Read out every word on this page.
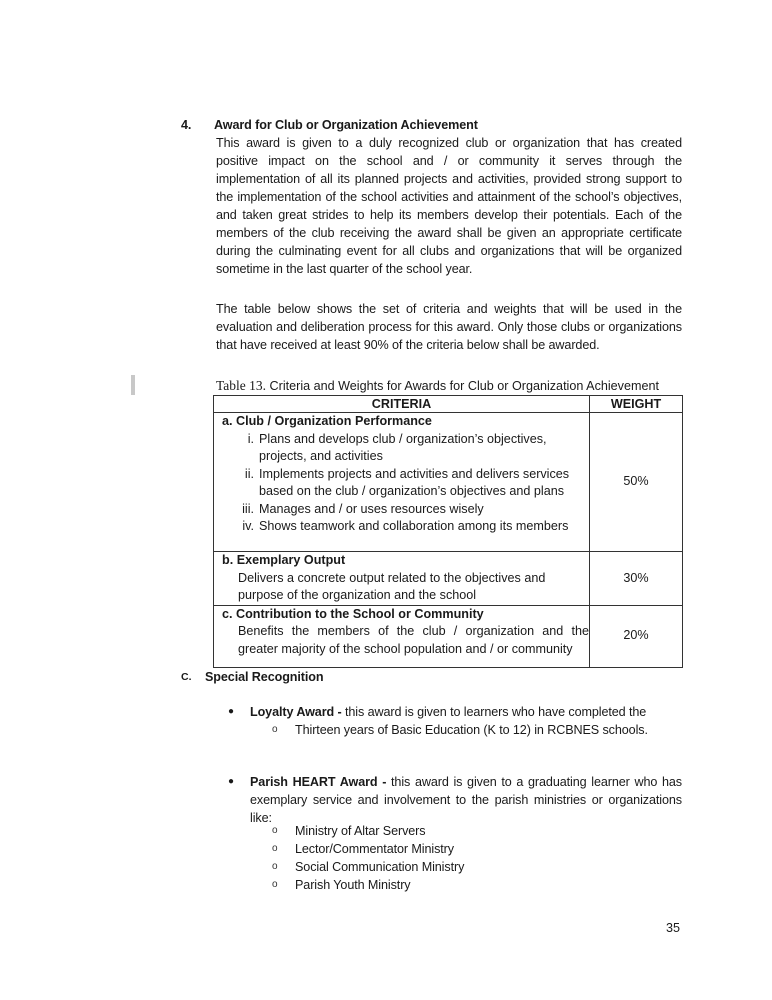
4. Award for Club or Organization Achievement

This award is given to a duly recognized club or organization that has created positive impact on the school and / or community it serves through the implementation of all its planned projects and activities, provided strong support to the implementation of the school activities and attainment of the school’s objectives, and taken great strides to help its members develop their potentials. Each of the members of the club receiving the award shall be given an appropriate certificate during the culminating event for all clubs and organizations that will be organized sometime in the last quarter of the school year.

The table below shows the set of criteria and weights that will be used in the evaluation and deliberation process for this award. Only those clubs or organizations that have received at least 90% of the criteria below shall be awarded.

Table 13. Criteria and Weights for Awards for Club or Organization Achievement
CRITERIA	WEIGHT

a. Club / Organization Performance
i. Plans and develops club / organization’s objectives, projects, and activities
ii. Implements projects and activities and delivers services based on the club / organization’s objectives and plans
iii. Manages and / or uses resources wisely
iv. Shows teamwork and collaboration among its members
	50%

b. Exemplary Output
Delivers a concrete output related to the objectives and purpose of the organization and the school	30%

c. Contribution to the School or Community
Benefits the members of the club / organization and the greater majority of the school population and / or community	20%
C. Special Recognition
● Loyalty Award - this award is given to learners who have completed the
o Thirteen years of Basic Education (K to 12) in RCBNES schools.
● Parish HEART Award - this award is given to a graduating learner who has exemplary service and involvement to the parish ministries or organizations like:
o Ministry of Altar Servers
o Lector/Commentator Ministry
o Social Communication Ministry
o Parish Youth Ministry
35
